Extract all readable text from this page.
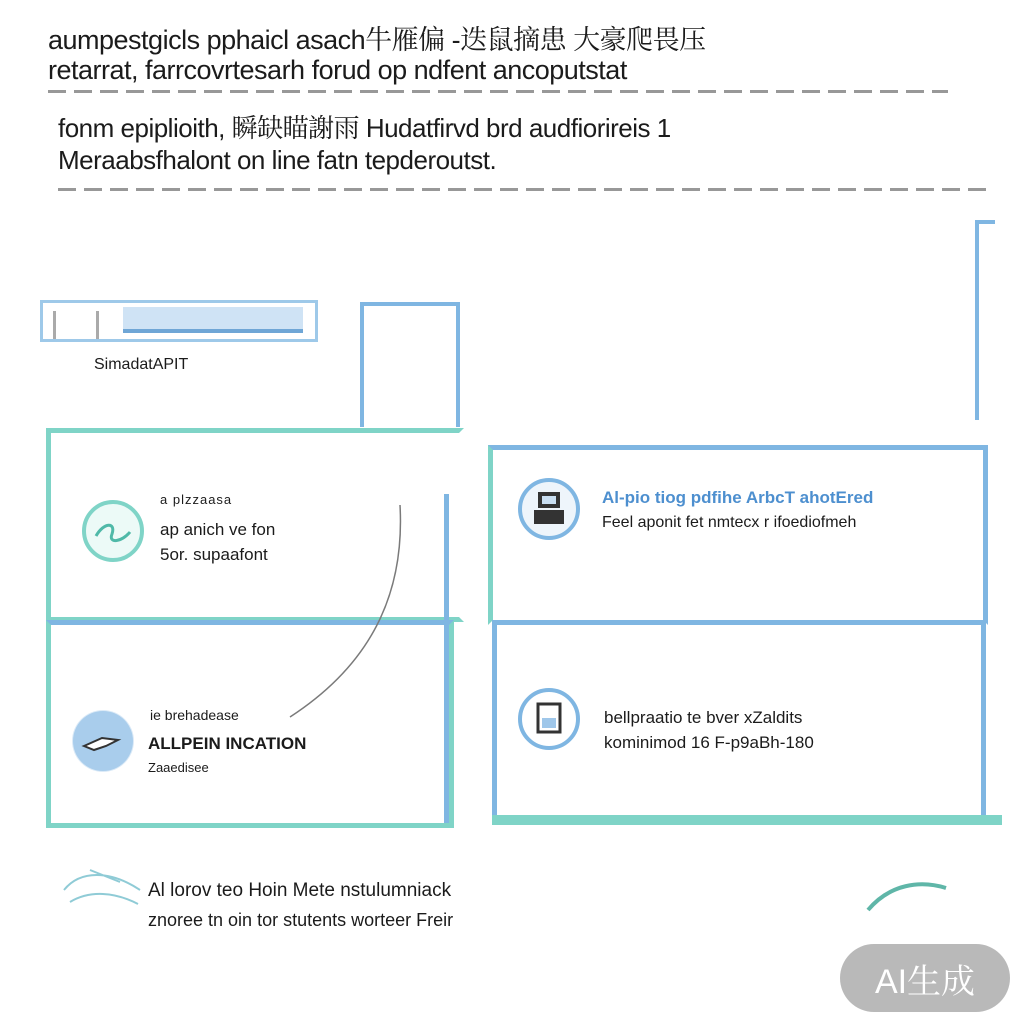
aumpestgicls pphaicl asach牛雁偏 -迭鼠摘患 大豪爬畏压
retarrat, farrcovrtesarh forud op ndfent ancoputstat
fonm epiplioith, 瞬缺瞄謝雨 Hudatfirvd brd audfiorireis 1
Meraabsfhalont on line fatn tepderoutst.
SimadatAPIT
a plzzaasa
ap anich ve fon
5or. supaafont
Al-pio tiog pdfihe ArbcT ahotEred
Feel aponit fet nmtecx r ifoediofmeh
ie brehadease
ALLPEIN INCATION
Zaaedisee
bellpraatio te bver xZaldits
kominimod 16 F-p9aBh-180
Al lorov teo Hoin Mete nstulumniack
znoree tn oin tor stutents worteer Freir
AI生成
